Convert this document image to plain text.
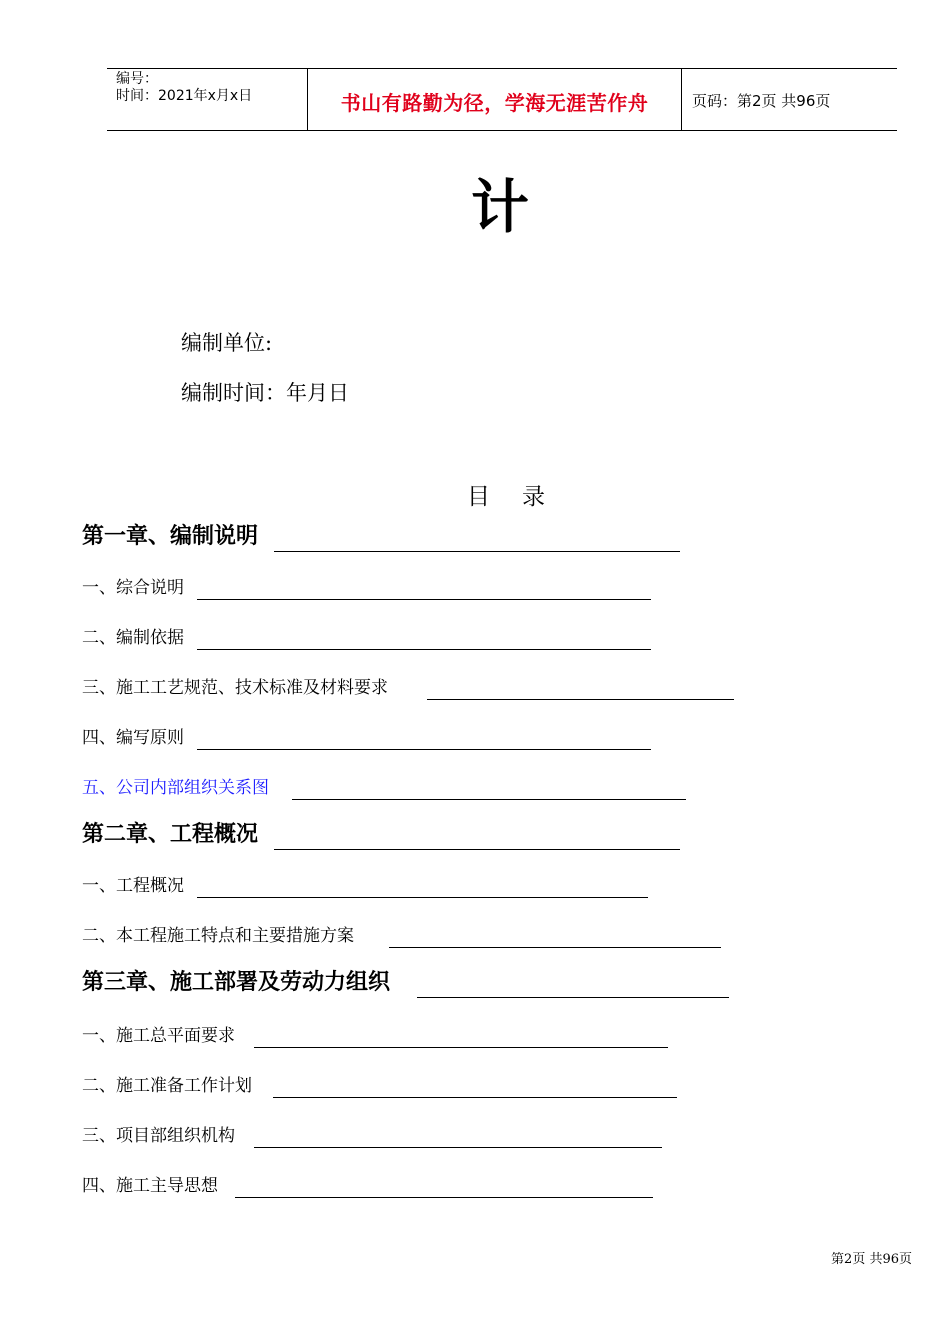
编号：
时间：2021年x月x日	书山有路勤为径，学海无涯苦作舟	页码：第2页 共96页
计
编制单位:
编制时间：年月日
目 录
第一章、编制说明
一、综合说明
二、编制依据
三、施工工艺规范、技术标准及材料要求
四、编写原则
五、公司内部组织关系图
第二章、工程概况
一、工程概况
二、本工程施工特点和主要措施方案
第三章、施工部署及劳动力组织
一、施工总平面要求
二、施工准备工作计划
三、项目部组织机构
四、施工主导思想
第2页 共96页
